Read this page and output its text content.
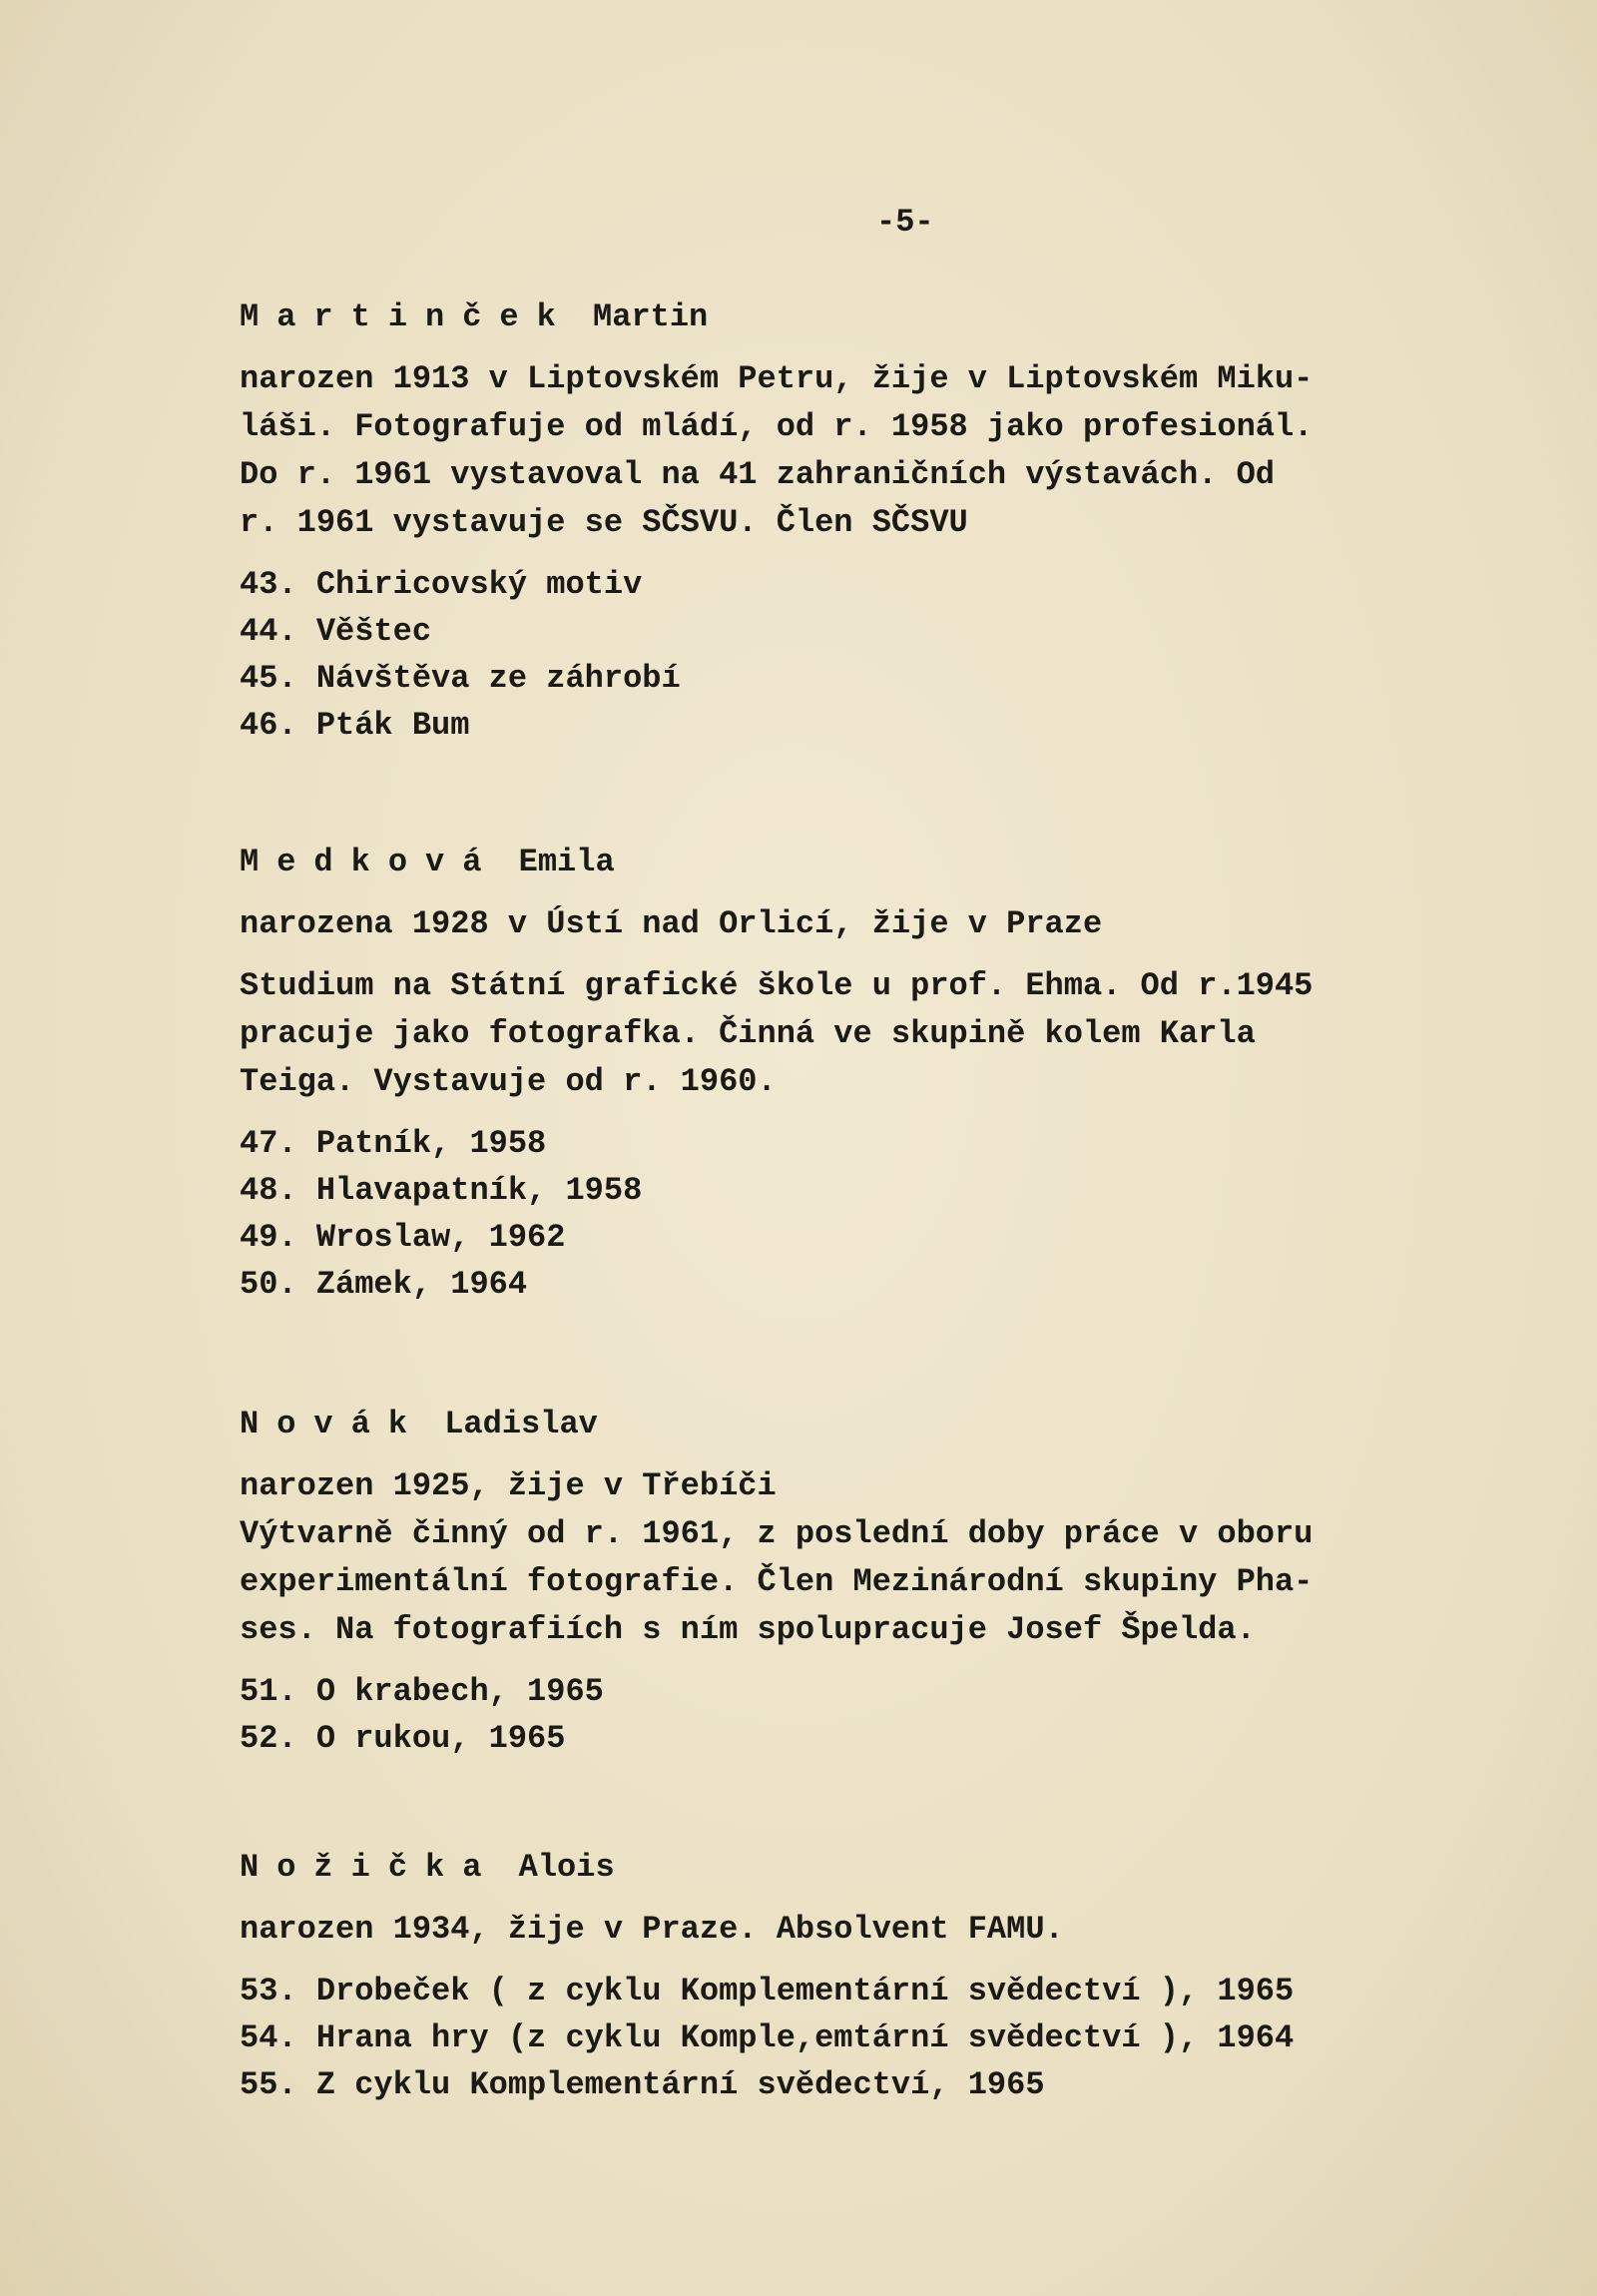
-5-
Martinček Martin

narozen 1913 v Liptovském Petru, žije v Liptovském Miku-

láši. Fotografuje od mládí, od r. 1958 jako profesionál.

Do r. 1961 vystavoval na 41 zahraničních výstavách. Od

r. 1961 vystavuje se SČSVU. Člen SČSVU

43. Chiricovský motiv
44. Věštec
45. Návštěva ze záhrobí
46. Pták Bum
Medková Emila

narozena 1928 v Ústí nad Orlicí, žije v Praze

Studium na Státní grafické škole u prof. Ehma. Od r.1945

pracuje jako fotografka. Činná ve skupině kolem Karla

Teiga. Vystavuje od r. 1960.

47. Patník, 1958
48. Hlavapatník, 1958
49. Wroslaw, 1962
50. Zámek, 1964
Novák Ladislav

narozen 1925, žije v Třebíči

Výtvarně činný od r. 1961, z poslední doby práce v oboru

experimentální fotografie. Člen Mezinárodní skupiny Pha-

ses. Na fotografiích s ním spolupracuje Josef Špelda.

51. O krabech, 1965
52. O rukou, 1965
Nožička Alois

narozen 1934, žije v Praze. Absolvent FAMU.

53. Drobeček ( z cyklu Komplementární svědectví ), 1965
54. Hrana hry (z cyklu Komple,emtární svědectví ), 1964
55. Z cyklu Komplementární svědectví, 1965
